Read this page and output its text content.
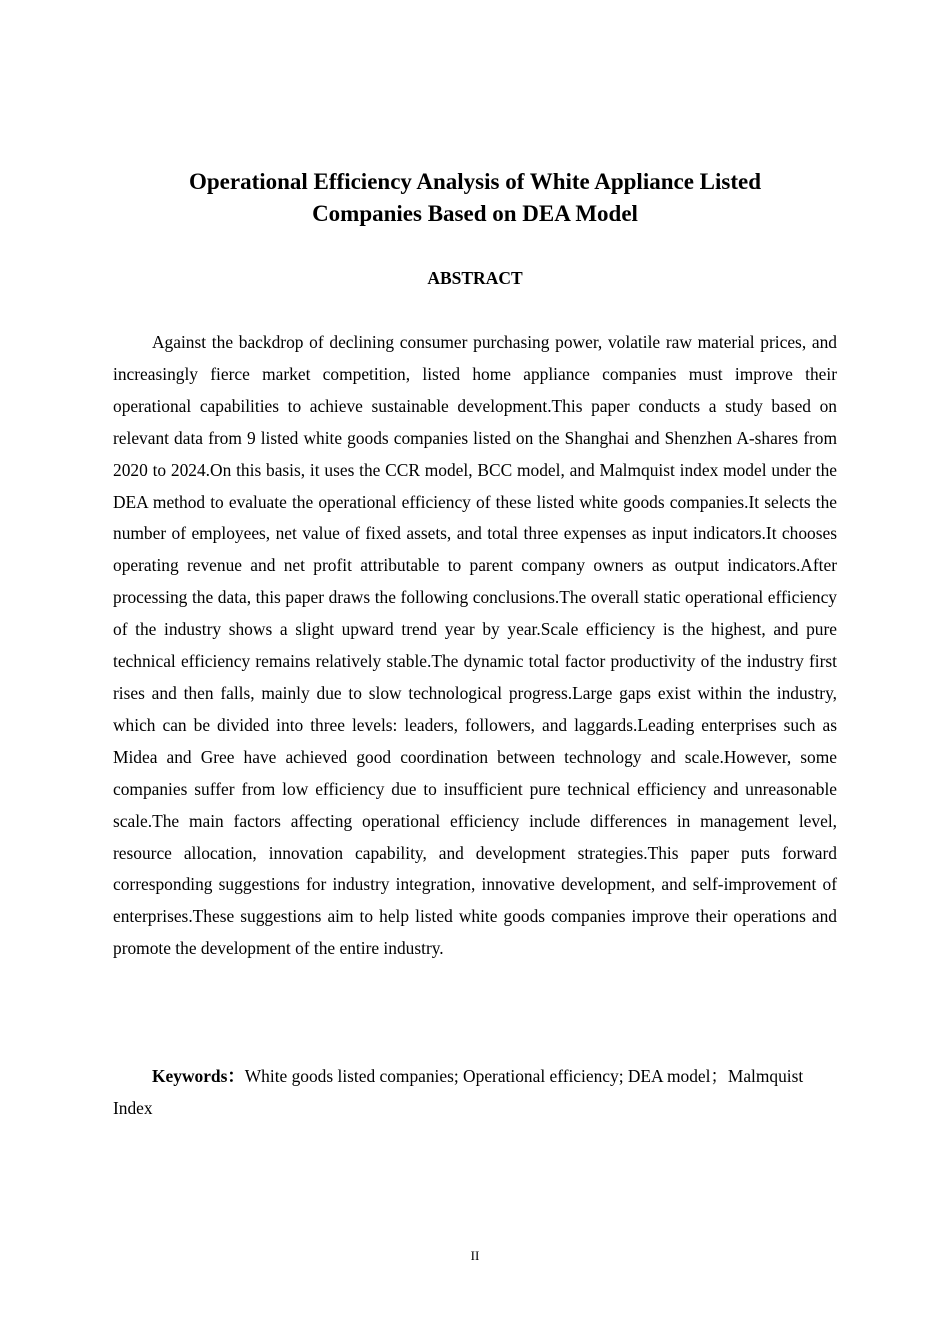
Operational Efficiency Analysis of White Appliance Listed
Companies Based on DEA Model
ABSTRACT

Against the backdrop of declining consumer purchasing power, volatile raw material prices, and increasingly fierce market competition, listed home appliance companies must improve their operational capabilities to achieve sustainable development.This paper conducts a study based on relevant data from 9 listed white goods companies listed on the Shanghai and Shenzhen A-shares from 2020 to 2024.On this basis, it uses the CCR model, BCC model, and Malmquist index model under the DEA method to evaluate the operational efficiency of these listed white goods companies.It selects the number of employees, net value of fixed assets, and total three expenses as input indicators.It chooses operating revenue and net profit attributable to parent company owners as output indicators.After processing the data, this paper draws the following conclusions.The overall static operational efficiency of the industry shows a slight upward trend year by year.Scale efficiency is the highest, and pure technical efficiency remains relatively stable.The dynamic total factor productivity of the industry first rises and then falls, mainly due to slow technological progress.Large gaps exist within the industry, which can be divided into three levels: leaders, followers, and laggards.Leading enterprises such as Midea and Gree have achieved good coordination between technology and scale.However, some companies suffer from low efficiency due to insufficient pure technical efficiency and unreasonable scale.The main factors affecting operational efficiency include differences in management level, resource allocation, innovation capability, and development strategies.This paper puts forward corresponding suggestions for industry integration, innovative development, and self-improvement of enterprises.These suggestions aim to help listed white goods companies improve their operations and promote the development of the entire industry.

Keywords：White goods listed companies; Operational efficiency; DEA model；Malmquist Index

II
